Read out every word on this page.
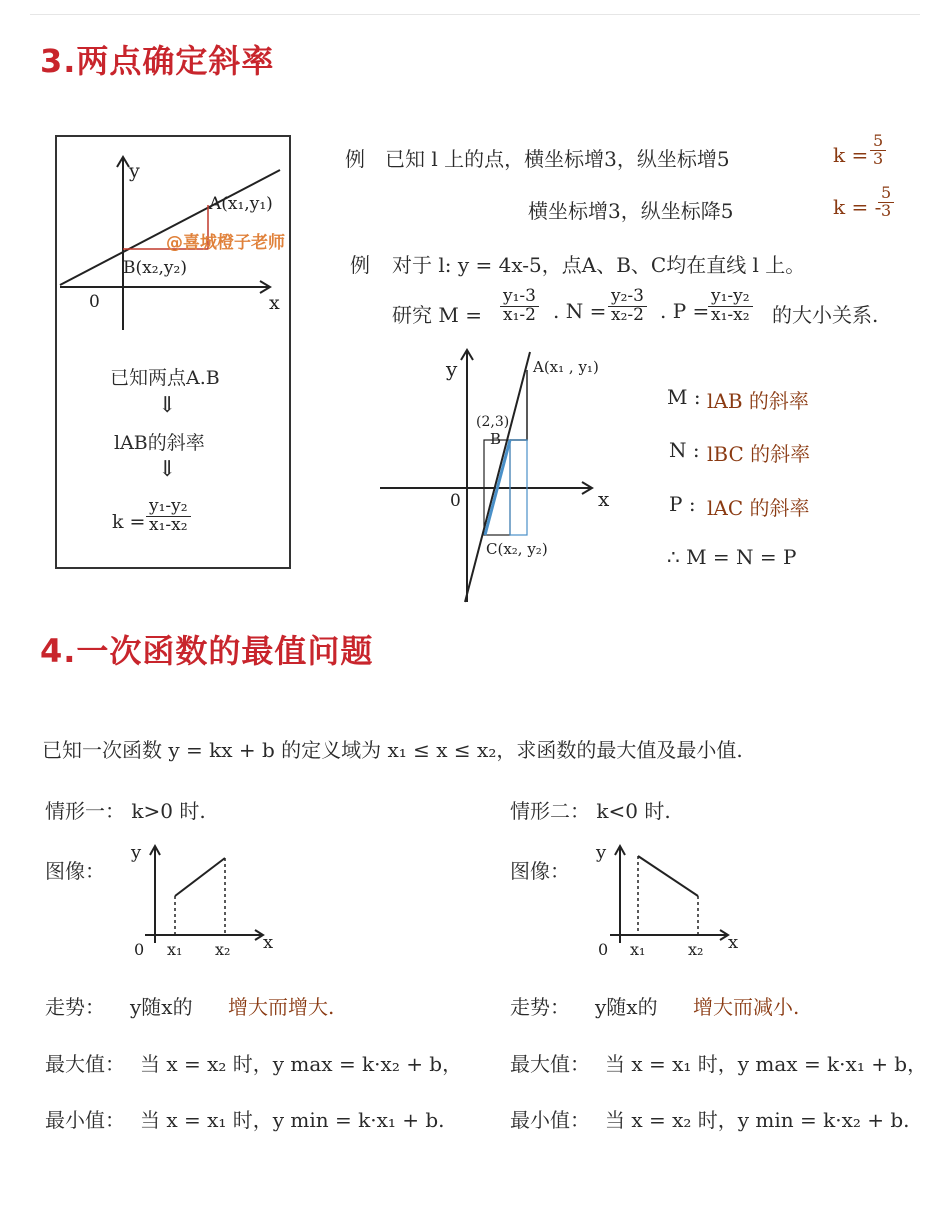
3.两点确定斜率
y
x
0
A(x₁,y₁)
B(x₂,y₂)
@喜城橙子老师
已知两点A.B
⇓
lAB的斜率
⇓
$k = \frac{\text{y₁-y₂}}{\text{x₁-x₂}}$
例 已知 l 上的点，横坐标增3，纵坐标增5	$k = \frac{5}{3}$
横坐标增3，纵坐标降5	k = -
$\frac{5}{3}$
例 对于 l: y = 4x-5，点A、B、C均在直线 l 上。
研究 $M = \frac{\text{y₁-3}}{\text{x₁-2}}$ . $N = \frac{\text{y₂-3}}{\text{x₂-2}}$ . P =
$\frac{\text{y₁-y₂}}{\text{x₁-x₂}}$ 的大小关系.
y
x
0
A(x₁ , y₁)
(2,3)
B
C(x₂, y₂)
M : lAB 的斜率
N : lBC 的斜率
P : lAC 的斜率
∴ M = N = P
4.一次函数的最值问题
已知一次函数 y = kx + b 的定义域为 x₁ ≤ x ≤ x₂，求函数的最大值及最小值.
情形一： k>0 时.
图像：
y
x
0 x₁ x₂
走势： y随x的 增大而增大.
最大值： 当 x = x₂ 时，y max = k·x₂ + b，
最小值： 当 x = x₁ 时，y min = k·x₁ + b.
情形二： k<0 时.
图像：
y
x
0 x₁	x₂
走势： y随x的 增大而减小.
最大值： 当 x = x₁ 时，y max = k·x₁ + b，
最小值： 当 x = x₂ 时，y min = k·x₂ + b.
